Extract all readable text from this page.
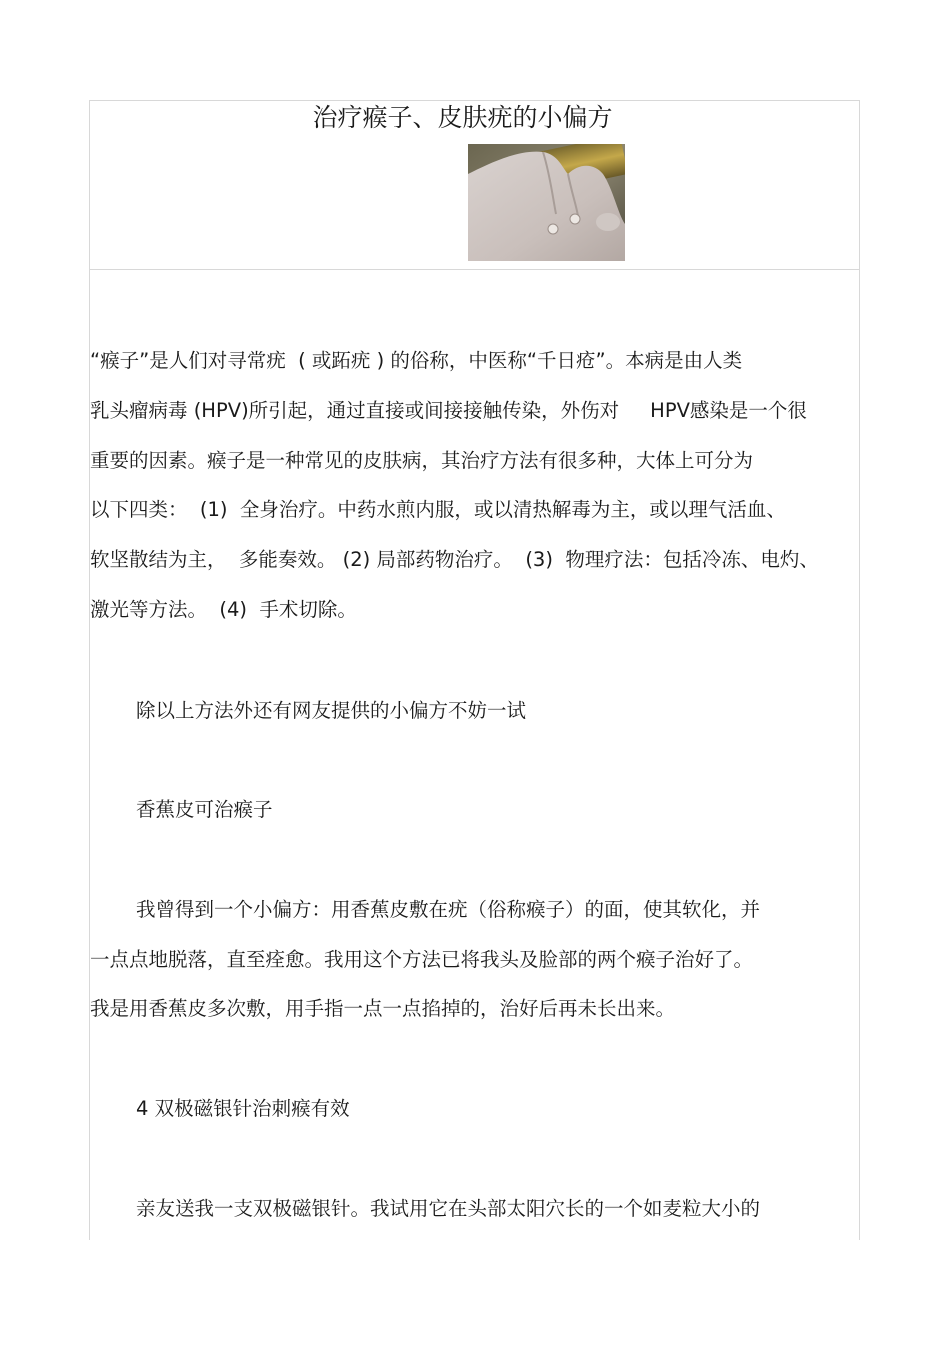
治疗瘊子、皮肤疣的小偏方
“瘊子”是人们对寻常疣  ( 或跖疣 ) 的俗称，中医称“千日疮”。本病是由人类
乳头瘤病毒 (HPV)所引起，通过直接或间接接触传染，外伤对     HPV感染是一个很
重要的因素。瘊子是一种常见的皮肤病，其治疗方法有很多种，大体上可分为
以下四类：  (1)  全身治疗。中药水煎内服，或以清热解毒为主，或以理气活血、
软坚散结为主，  多能奏效。 (2) 局部药物治疗。  (3)  物理疗法：包括冷冻、电灼、
激光等方法。  (4)  手术切除。
除以上方法外还有网友提供的小偏方不妨一试
香蕉皮可治瘊子
我曾得到一个小偏方：用香蕉皮敷在疣（俗称瘊子）的面，使其软化，并
一点点地脱落，直至痊愈。我用这个方法已将我头及脸部的两个瘊子治好了。
我是用香蕉皮多次敷，用手指一点一点掐掉的，治好后再未长出来。
4 双极磁银针治刺瘊有效
亲友送我一支双极磁银针。我试用它在头部太阳穴长的一个如麦粒大小的
